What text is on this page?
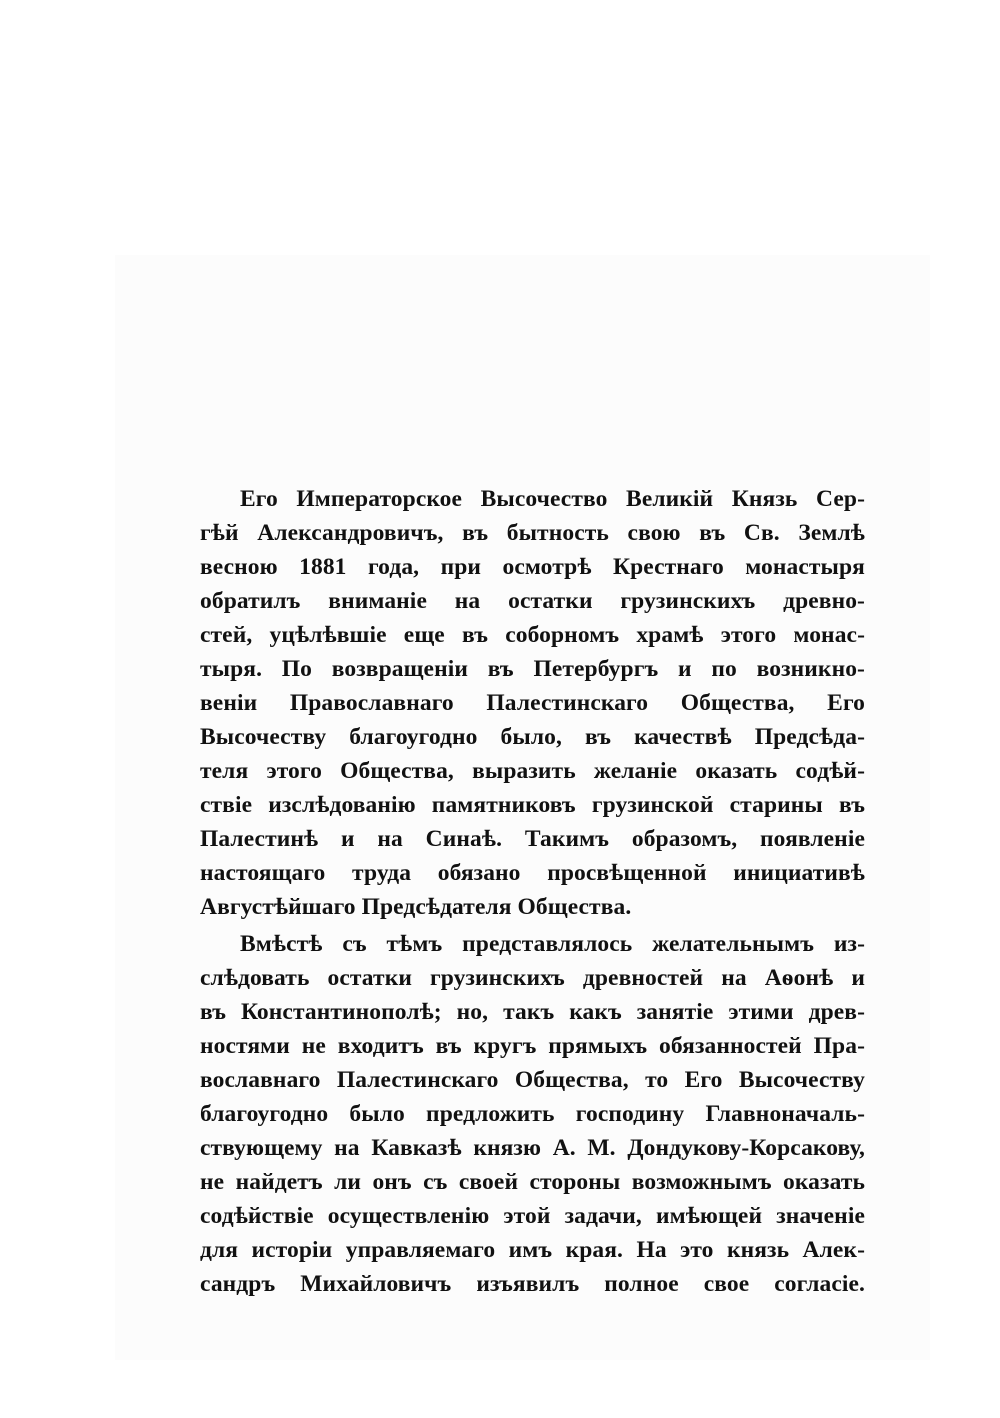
Его Императорское Высочество Великій Князь Сер-
гѣй Александровичъ, въ бытность свою въ Св. Землѣ
весною 1881 года, при осмотрѣ Крестнаго монастыря
обратилъ вниманіе на остатки грузинскихъ древно-
стей, уцѣлѣвшіе еще въ соборномъ храмѣ этого монас-
тыря. По возвращеніи въ Петербургъ и по возникно-
веніи Православнаго Палестинскаго Общества, Его
Высочеству благоугодно было, въ качествѣ Предсѣда-
теля этого Общества, выразить желаніе оказать содѣй-
ствіе изслѣдованію памятниковъ грузинской старины въ
Палестинѣ и на Синаѣ. Такимъ образомъ, появленіе
настоящаго труда обязано просвѣщенной инициативѣ
Августѣйшаго Предсѣдателя Общества.
Вмѣстѣ съ тѣмъ представлялось желательнымъ из-
слѣдовать остатки грузинскихъ древностей на Аѳонѣ и
въ Константинополѣ; но, такъ какъ занятіе этими древ-
ностями не входитъ въ кругъ прямыхъ обязанностей Пра-
вославнаго Палестинскаго Общества, то Его Высочеству
благоугодно было предложить господину Главноначаль-
ствующему на Кавказѣ князю А. М. Дондукову-Корсакову,
не найдетъ ли онъ съ своей стороны возможнымъ оказать
содѣйствіе осуществленію этой задачи, имѣющей значеніе
для исторіи управляемаго имъ края. На это князь Алек-
сандръ Михайловичъ изъявилъ полное свое согласіе.
